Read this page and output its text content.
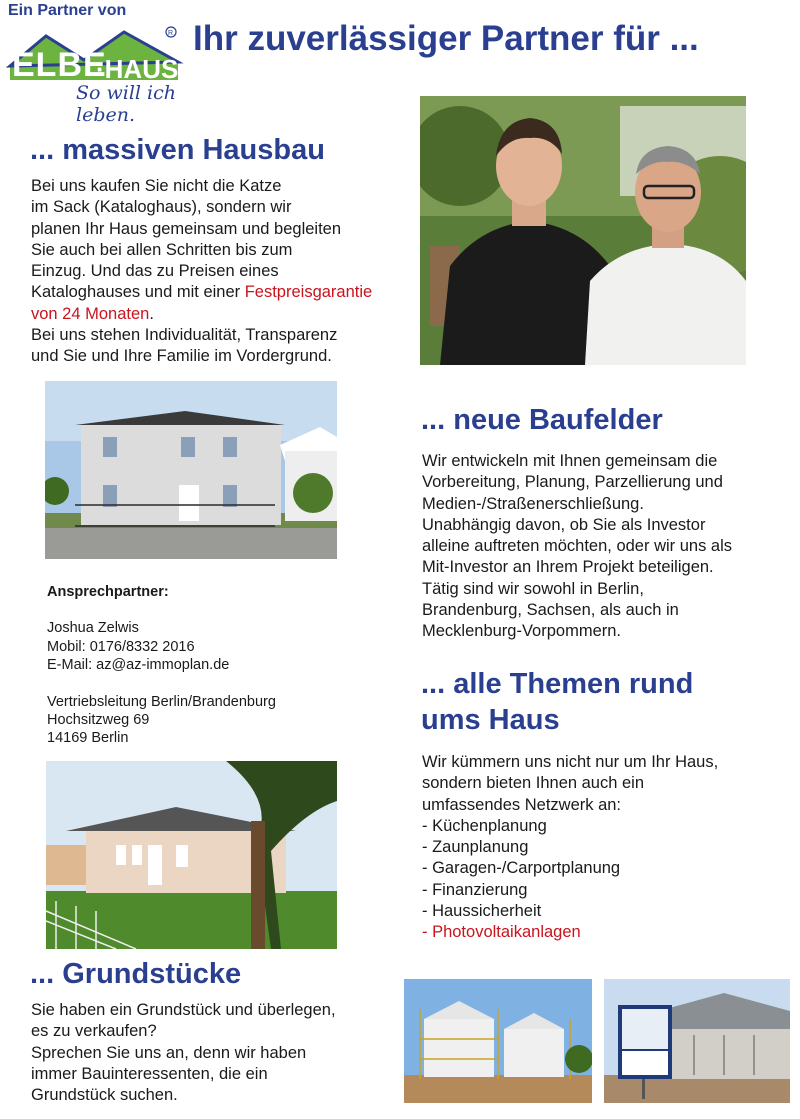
Ein Partner von
ELBE
·HAUS
R
So will ich leben.
Ihr zuverlässiger Partner für ...
... massiven Hausbau
Bei uns kaufen Sie nicht die Katze
im Sack (Kataloghaus), sondern wir
planen Ihr Haus gemeinsam und begleiten
Sie auch bei allen Schritten bis zum
Einzug. Und das zu Preisen eines
Kataloghauses und mit einer Festpreisgarantie
von 24 Monaten.
Bei uns stehen Individualität, Transparenz
und Sie und Ihre Familie im Vordergrund.
Ansprechpartner:
Joshua Zelwis
Mobil: 0176/8332 2016
E-Mail: az@az-immoplan.de
Vertriebsleitung Berlin/Brandenburg
Hochsitzweg 69
14169 Berlin
... neue Baufelder
Wir entwickeln mit Ihnen gemeinsam die
Vorbereitung, Planung, Parzellierung und
Medien-/Straßenerschließung.
Unabhängig davon, ob Sie als Investor
alleine auftreten möchten, oder wir uns als
Mit-Investor an Ihrem Projekt beteiligen.
Tätig sind wir sowohl in Berlin,
Brandenburg, Sachsen, als auch in
Mecklenburg-Vorpommern.
... alle Themen rund
ums Haus
Wir kümmern uns nicht nur um Ihr Haus,
sondern bieten Ihnen auch ein
umfassendes Netzwerk an:
- Küchenplanung
- Zaunplanung
- Garagen-/Carportplanung
- Finanzierung
- Haussicherheit
- Photovoltaikanlagen
... Grundstücke
Sie haben ein Grundstück und überlegen,
es zu verkaufen?
Sprechen Sie uns an, denn wir haben
immer Bauinteressenten, die ein
Grundstück suchen.
